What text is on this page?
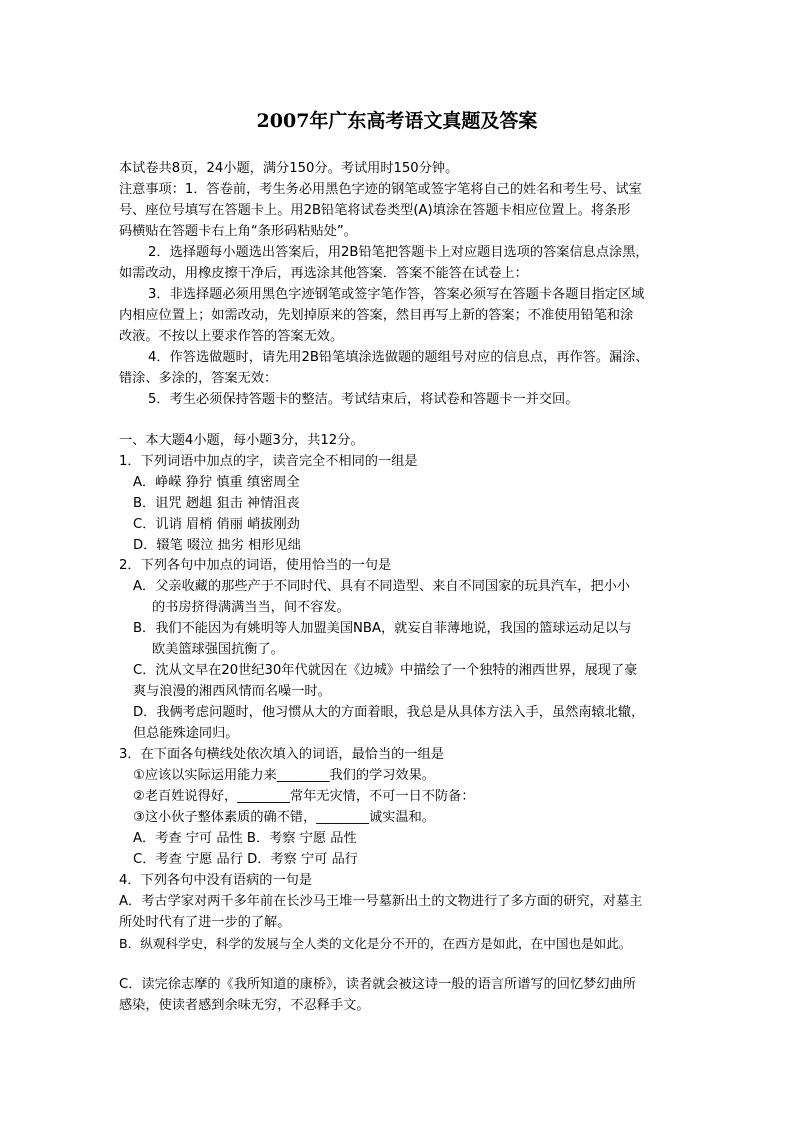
2007年广东高考语文真题及答案
本试卷共8页，24小题，满分150分。考试用时150分钟。
注意事项：1．答卷前，考生务必用黑色字迹的钢笔或签字笔将自己的姓名和考生号、试室
号、座位号填写在答题卡上。用2B铅笔将试卷类型(A)填涂在答题卡相应位置上。将条形
码横贴在答题卡右上角“条形码粘贴处”。
2．选择题每小题选出答案后，用2B铅笔把答题卡上对应题目选项的答案信息点涂黑，
如需改动，用橡皮擦干净后，再选涂其他答案．答案不能答在试卷上：
3．非选择题必须用黑色字迹钢笔或签字笔作答，答案必须写在答题卡各题目指定区域
内相应位置上；如需改动，先划掉原来的答案，然目再写上新的答案；不准使用铅笔和涂
改液。不按以上要求作答的答案无效。
4．作答选做题时，请先用2B铅笔填涂选做题的题组号对应的信息点，再作答。漏涂、
错涂、多涂的，答案无效：
5．考生必须保持答题卡的整洁。考试结束后，将试卷和答题卡一并交回。
一、本大题4小题，每小题3分，共12分。
1．下列词语中加点的字，读音完全不相同的一组是
A．峥嵘 狰狞 慎重 缜密周全
B．诅咒 趔趄 狙击 神情沮丧
C．讥诮 眉梢 俏丽 峭拔刚劲
D．辍笔 啜泣 拙劣 相形见绌
2．下列各句中加点的词语，使用恰当的一句是
A．父亲收藏的那些产于不同时代、具有不同造型、来自不同国家的玩具汽车，把小小
的书房挤得满满当当，间不容发。
B．我们不能因为有姚明等人加盟美国NBA，就妄自菲薄地说，我国的篮球运动足以与
欧美篮球强国抗衡了。
C．沈从文早在20世纪30年代就因在《边城》中描绘了一个独特的湘西世界，展现了豪
爽与浪漫的湘西风情而名噪一时。
D．我俩考虑问题时，他习惯从大的方面着眼，我总是从具体方法入手，虽然南辕北辙，
但总能殊途同归。
3．在下面各句横线处依次填入的词语，最恰当的一组是
①应该以实际运用能力来________我们的学习效果。
②老百姓说得好，________常年无灾情，不可一日不防备：
③这小伙子整体素质的确不错，________诚实温和。
A．考查 宁可 品性 B．考察 宁愿 品性
C．考查 宁愿 品行 D．考察 宁可 品行
4．下列各句中没有语病的一句是
A．考古学家对两千多年前在长沙马王堆一号墓新出土的文物进行了多方面的研究，对墓主
所处时代有了进一步的了解。
B．纵观科学史，科学的发展与全人类的文化是分不开的，在西方是如此，在中国也是如此。
C．读完徐志摩的《我所知道的康桥》，读者就会被这诗一般的语言所谱写的回忆梦幻曲所
感染，使读者感到余味无穷，不忍释手文。
